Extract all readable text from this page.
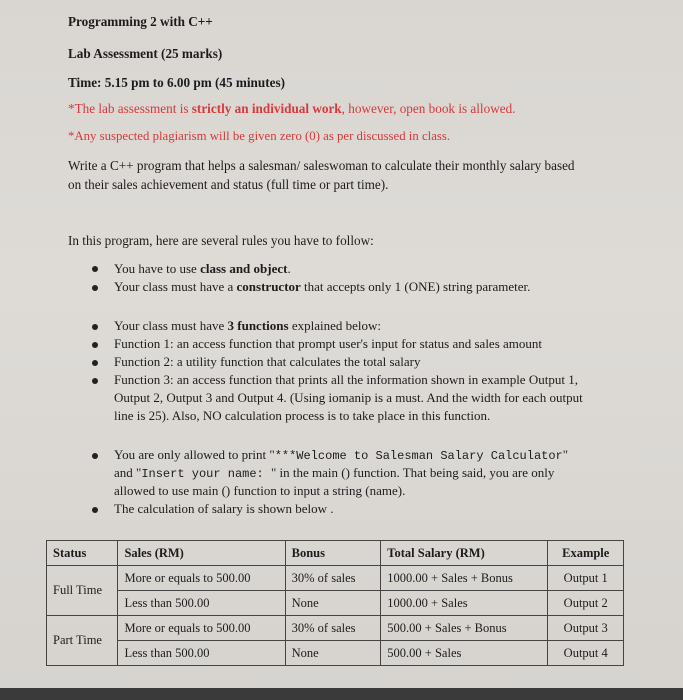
Programming 2 with C++
Lab Assessment (25 marks)
Time: 5.15 pm to 6.00 pm (45 minutes)
*The lab assessment is strictly an individual work, however, open book is allowed.
*Any suspected plagiarism will be given zero (0) as per discussed in class.
Write a C++ program that helps a salesman/ saleswoman to calculate their monthly salary based
on their sales achievement and status (full time or part time).
In this program, here are several rules you have to follow:
You have to use class and object.
Your class must have a constructor that accepts only 1 (ONE) string parameter.
Your class must have 3 functions explained below:
Function 1: an access function that prompt user's input for status and sales amount
Function 2: a utility function that calculates the total salary
Function 3: an access function that prints all the information shown in example Output 1,
Output 2, Output 3 and Output 4. (Using iomanip is a must. And the width for each output
line is 25). Also, NO calculation process is to take place in this function.
You are only allowed to print "***Welcome to Salesman Salary Calculator"
and "Insert your name: " in the main () function. That being said, you are only
allowed to use main () function to input a string (name).
The calculation of salary is shown below .
Status	Sales (RM)	Bonus	Total Salary (RM)	Example
Full Time	More or equals to 500.00	30% of sales	1000.00 + Sales + Bonus	Output 1
	Less than 500.00	None	1000.00 + Sales	Output 2
Part Time	More or equals to 500.00	30% of sales	500.00 + Sales + Bonus	Output 3
	Less than 500.00	None	500.00 + Sales	Output 4
